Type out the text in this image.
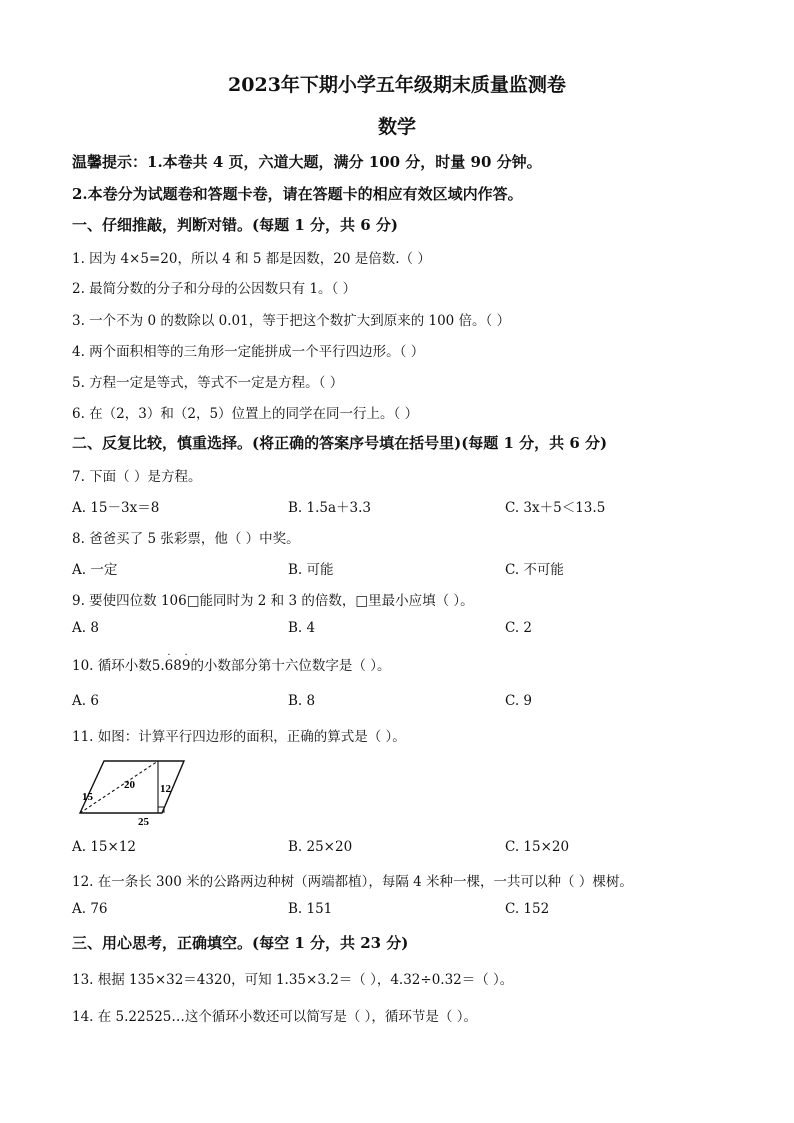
2023年下期小学五年级期末质量监测卷
数学
温馨提示：1.本卷共 4 页，六道大题，满分 100 分，时量 90 分钟。
2.本卷分为试题卷和答题卡卷，请在答题卡的相应有效区域内作答。
一、仔细推敲，判断对错。(每题 1 分，共 6 分)
1. 因为 4×5=20，所以 4 和 5 都是因数，20 是倍数.（ ）
2. 最简分数的分子和分母的公因数只有 1。（ ）
3. 一个不为 0 的数除以 0.01，等于把这个数扩大到原来的 100 倍。（ ）
4. 两个面积相等的三角形一定能拼成一个平行四边形。（ ）
5. 方程一定是等式，等式不一定是方程。（ ）
6. 在（2，3）和（2，5）位置上的同学在同一行上。（ ）
二、反复比较，慎重选择。(将正确的答案序号填在括号里)(每题 1 分，共 6 分)
7. 下面（ ）是方程。
A. 15－3x＝8	B. 1.5a＋3.3	C. 3x＋5＜13.5
8. 爸爸买了 5 张彩票，他（ ）中奖。
A. 一定	B. 可能	C. 不可能
9. 要使四位数 106□能同时为 2 和 3 的倍数，□里最小应填（ ）。
A. 8	B. 4	C. 2
10. 循环小数5.
·
68
·
9的小数部分第十六位数字是（ ）。
A. 6	B. 8	C. 9
11. 如图：计算平行四边形的面积，正确的算式是（ ）。
15
20 12
25
A. 15×12	B. 25×20	C. 15×20
12. 在一条长 300 米的公路两边种树（两端都植），每隔 4 米种一棵，一共可以种（ ）棵树。
A. 76	B. 151	C. 152
三、用心思考，正确填空。(每空 1 分，共 23 分)
13. 根据 135×32＝4320，可知 1.35×3.2＝（ ），4.32÷0.32＝（ ）。
14. 在 5.22525…这个循环小数还可以简写是（ ），循环节是（ ）。
